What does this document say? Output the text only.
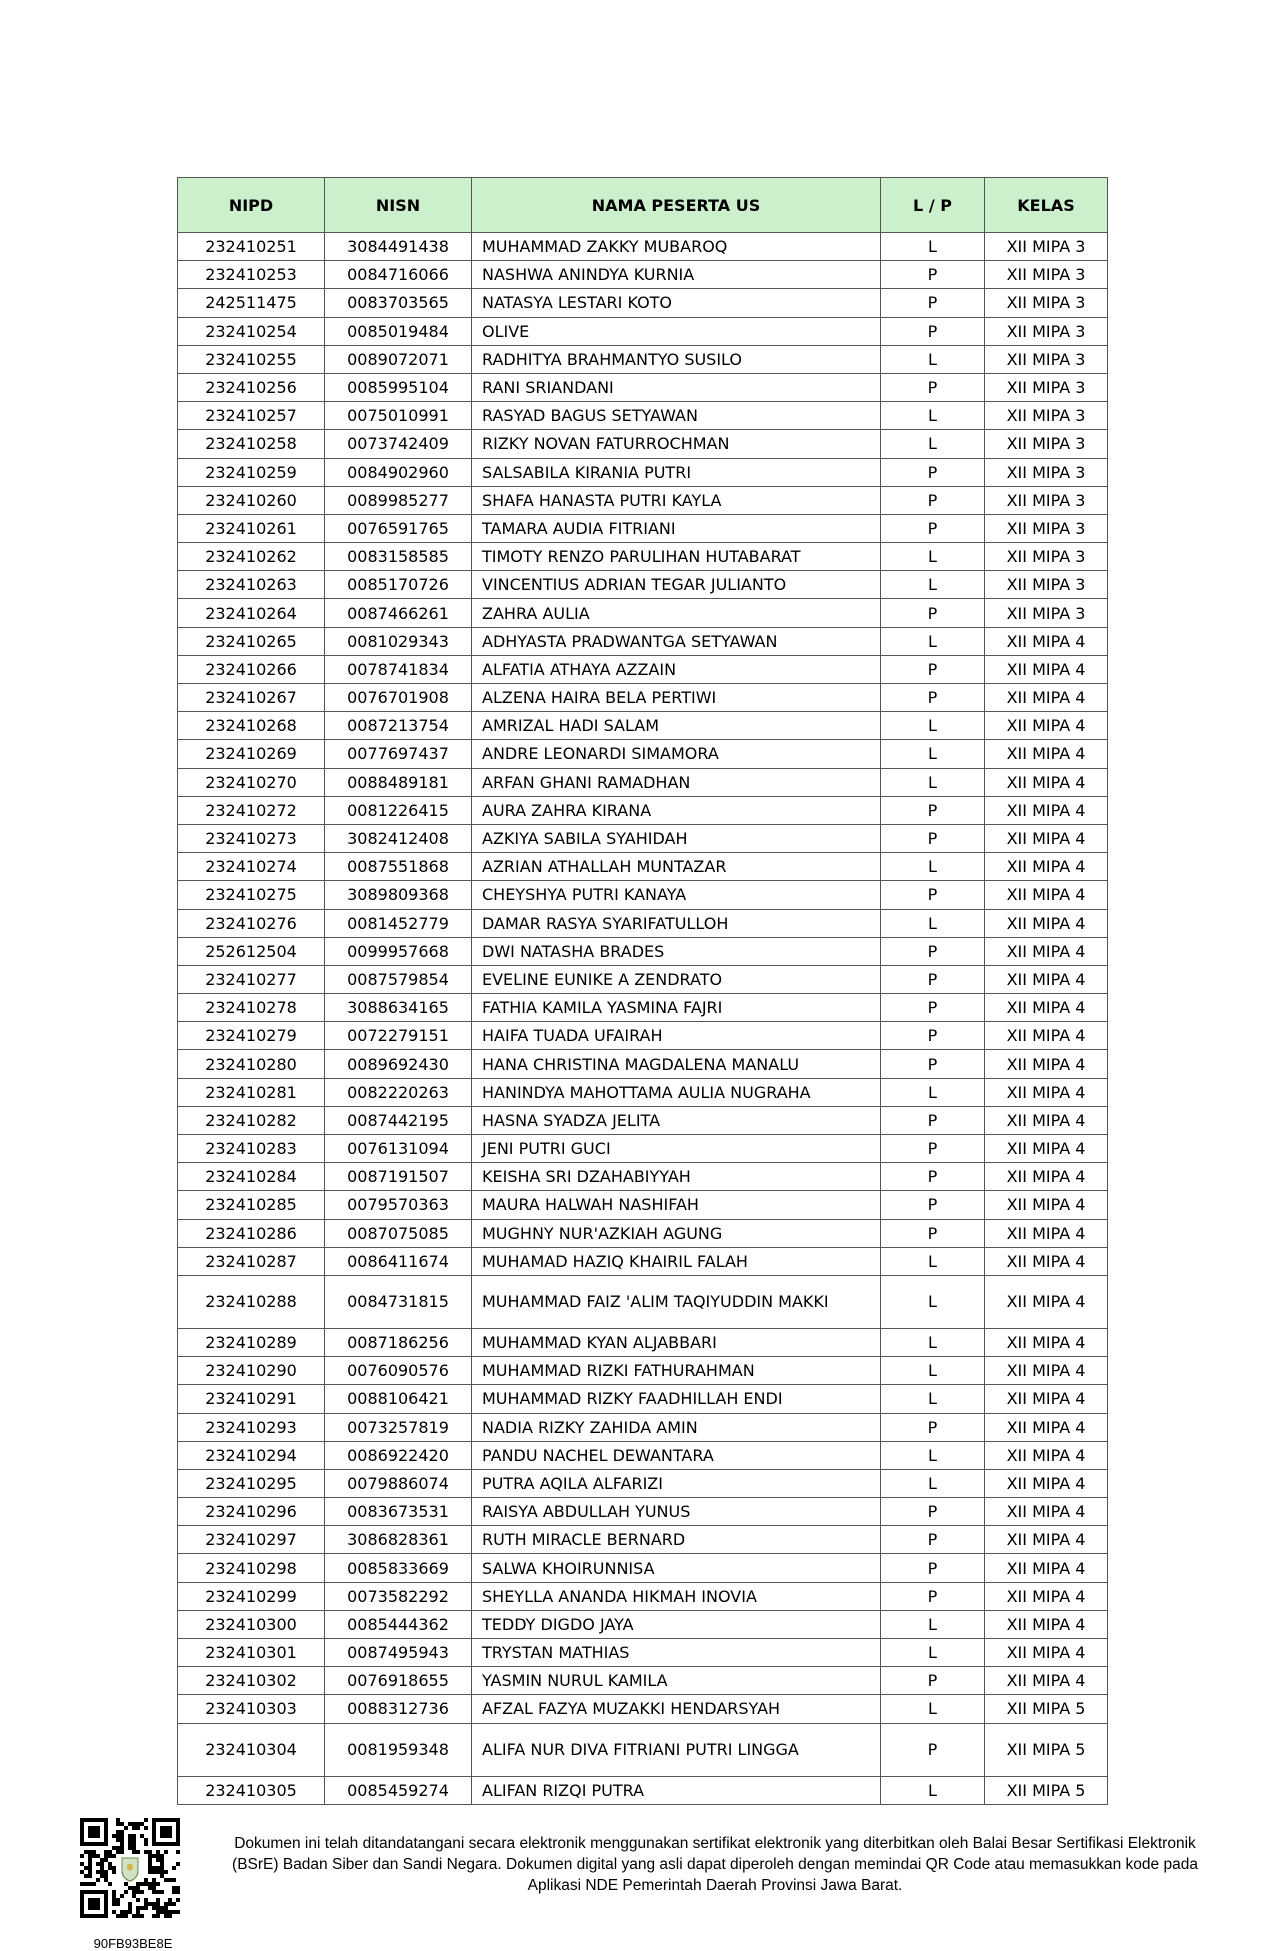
NIPD	NISN	NAMA PESERTA US	L / P	KELAS
232410251	3084491438	MUHAMMAD ZAKKY MUBAROQ	L	XII MIPA 3
232410253	0084716066	NASHWA ANINDYA KURNIA	P	XII MIPA 3
242511475	0083703565	NATASYA LESTARI KOTO	P	XII MIPA 3
232410254	0085019484	OLIVE	P	XII MIPA 3
232410255	0089072071	RADHITYA BRAHMANTYO SUSILO	L	XII MIPA 3
232410256	0085995104	RANI SRIANDANI	P	XII MIPA 3
232410257	0075010991	RASYAD BAGUS SETYAWAN	L	XII MIPA 3
232410258	0073742409	RIZKY NOVAN FATURROCHMAN	L	XII MIPA 3
232410259	0084902960	SALSABILA KIRANIA PUTRI	P	XII MIPA 3
232410260	0089985277	SHAFA HANASTA PUTRI KAYLA	P	XII MIPA 3
232410261	0076591765	TAMARA AUDIA FITRIANI	P	XII MIPA 3
232410262	0083158585	TIMOTY RENZO PARULIHAN HUTABARAT	L	XII MIPA 3
232410263	0085170726	VINCENTIUS ADRIAN TEGAR JULIANTO	L	XII MIPA 3
232410264	0087466261	ZAHRA AULIA	P	XII MIPA 3
232410265	0081029343	ADHYASTA PRADWANTGA SETYAWAN	L	XII MIPA 4
232410266	0078741834	ALFATIA ATHAYA AZZAIN	P	XII MIPA 4
232410267	0076701908	ALZENA HAIRA BELA PERTIWI	P	XII MIPA 4
232410268	0087213754	AMRIZAL HADI SALAM	L	XII MIPA 4
232410269	0077697437	ANDRE LEONARDI SIMAMORA	L	XII MIPA 4
232410270	0088489181	ARFAN GHANI RAMADHAN	L	XII MIPA 4
232410272	0081226415	AURA ZAHRA KIRANA	P	XII MIPA 4
232410273	3082412408	AZKIYA SABILA SYAHIDAH	P	XII MIPA 4
232410274	0087551868	AZRIAN ATHALLAH MUNTAZAR	L	XII MIPA 4
232410275	3089809368	CHEYSHYA PUTRI KANAYA	P	XII MIPA 4
232410276	0081452779	DAMAR RASYA SYARIFATULLOH	L	XII MIPA 4
252612504	0099957668	DWI NATASHA BRADES	P	XII MIPA 4
232410277	0087579854	EVELINE EUNIKE A ZENDRATO	P	XII MIPA 4
232410278	3088634165	FATHIA KAMILA YASMINA FAJRI	P	XII MIPA 4
232410279	0072279151	HAIFA TUADA UFAIRAH	P	XII MIPA 4
232410280	0089692430	HANA CHRISTINA MAGDALENA MANALU	P	XII MIPA 4
232410281	0082220263	HANINDYA MAHOTTAMA AULIA NUGRAHA	L	XII MIPA 4
232410282	0087442195	HASNA SYADZA JELITA	P	XII MIPA 4
232410283	0076131094	JENI PUTRI GUCI	P	XII MIPA 4
232410284	0087191507	KEISHA SRI DZAHABIYYAH	P	XII MIPA 4
232410285	0079570363	MAURA HALWAH NASHIFAH	P	XII MIPA 4
232410286	0087075085	MUGHNY NUR'AZKIAH AGUNG	P	XII MIPA 4
232410287	0086411674	MUHAMAD HAZIQ KHAIRIL FALAH	L	XII MIPA 4
232410288	0084731815	MUHAMMAD FAIZ 'ALIM TAQIYUDDIN MAKKI	L	XII MIPA 4
232410289	0087186256	MUHAMMAD KYAN ALJABBARI	L	XII MIPA 4
232410290	0076090576	MUHAMMAD RIZKI FATHURAHMAN	L	XII MIPA 4
232410291	0088106421	MUHAMMAD RIZKY FAADHILLAH ENDI	L	XII MIPA 4
232410293	0073257819	NADIA RIZKY ZAHIDA AMIN	P	XII MIPA 4
232410294	0086922420	PANDU NACHEL DEWANTARA	L	XII MIPA 4
232410295	0079886074	PUTRA AQILA ALFARIZI	L	XII MIPA 4
232410296	0083673531	RAISYA ABDULLAH YUNUS	P	XII MIPA 4
232410297	3086828361	RUTH MIRACLE BERNARD	P	XII MIPA 4
232410298	0085833669	SALWA KHOIRUNNISA	P	XII MIPA 4
232410299	0073582292	SHEYLLA ANANDA HIKMAH INOVIA	P	XII MIPA 4
232410300	0085444362	TEDDY DIGDO JAYA	L	XII MIPA 4
232410301	0087495943	TRYSTAN MATHIAS	L	XII MIPA 4
232410302	0076918655	YASMIN NURUL KAMILA	P	XII MIPA 4
232410303	0088312736	AFZAL FAZYA MUZAKKI HENDARSYAH	L	XII MIPA 5
232410304	0081959348	ALIFA NUR DIVA FITRIANI PUTRI LINGGA	P	XII MIPA 5
232410305	0085459274	ALIFAN RIZQI PUTRA	L	XII MIPA 5
90FB93BE8E
Dokumen ini telah ditandatangani secara elektronik menggunakan sertifikat elektronik yang diterbitkan oleh Balai Besar Sertifikasi Elektronik (BSrE) Badan Siber dan Sandi Negara. Dokumen digital yang asli dapat diperoleh dengan memindai QR Code atau memasukkan kode pada Aplikasi NDE Pemerintah Daerah Provinsi Jawa Barat.
